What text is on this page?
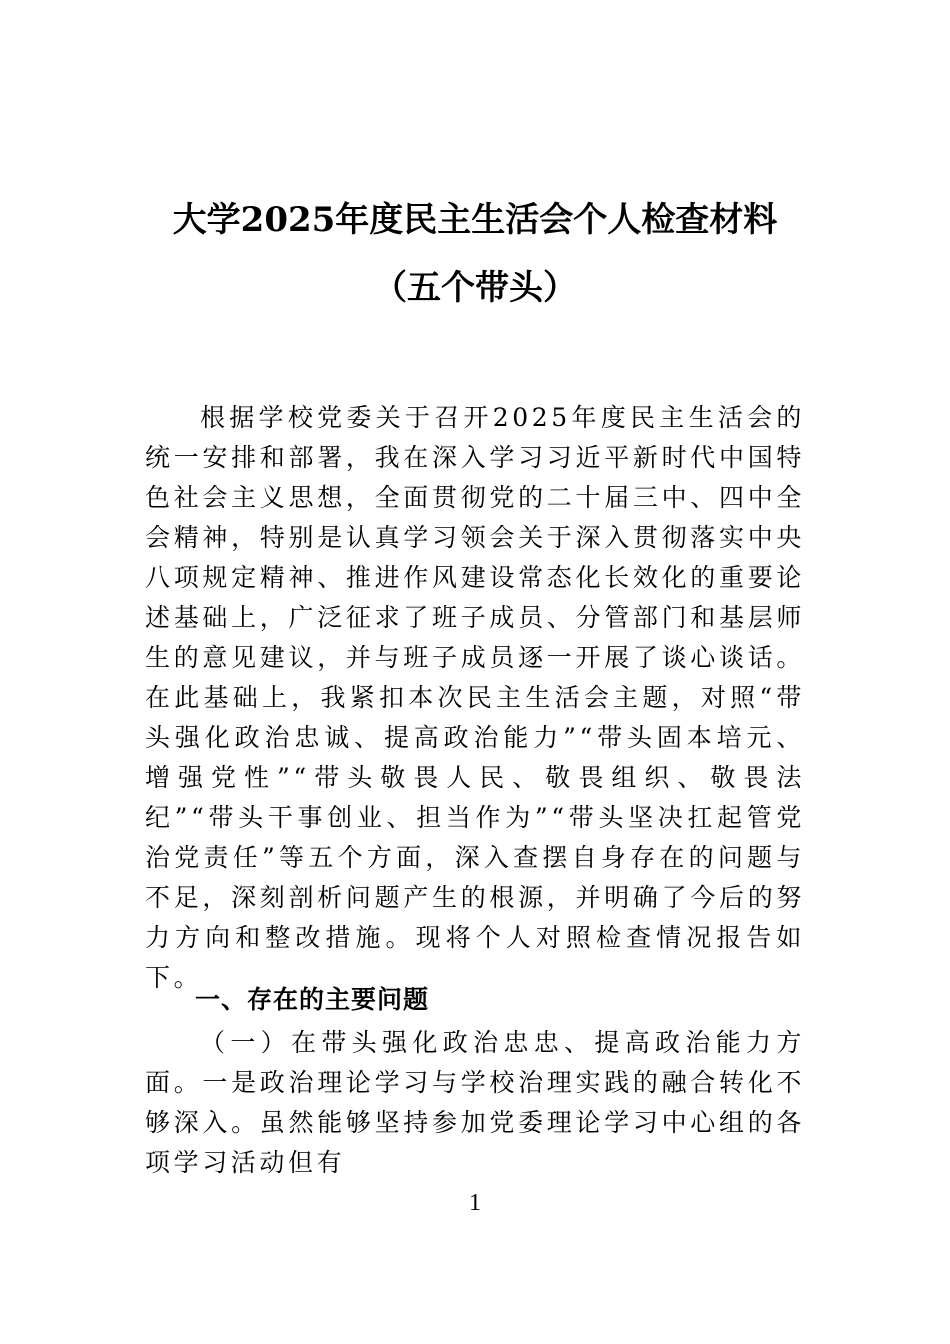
大学2025年度民主生活会个人检查材料
（五个带头）

根据学校党委关于召开2025年度民主生活会的统一安排和部署，我在深入学习习近平新时代中国特色社会主义思想，全面贯彻党的二十届三中、四中全会精神，特别是认真学习领会关于深入贯彻落实中央八项规定精神、推进作风建设常态化长效化的重要论述基础上，广泛征求了班子成员、分管部门和基层师生的意见建议，并与班子成员逐一开展了谈心谈话。在此基础上，我紧扣本次民主生活会主题，对照“带头强化政治忠诚、提高政治能力”“带头固本培元、增强党性”“带头敬畏人民、敬畏组织、敬畏法纪”“带头干事创业、担当作为”“带头坚决扛起管党治党责任”等五个方面，深入查摆自身存在的问题与不足，深刻剖析问题产生的根源，并明确了今后的努力方向和整改措施。现将个人对照检查情况报告如下。

一、存在的主要问题

（一）在带头强化政治忠忠、提高政治能力方面。一是政治理论学习与学校治理实践的融合转化不够深入。虽然能够坚持参加党委理论学习中心组的各项学习活动但有

1
